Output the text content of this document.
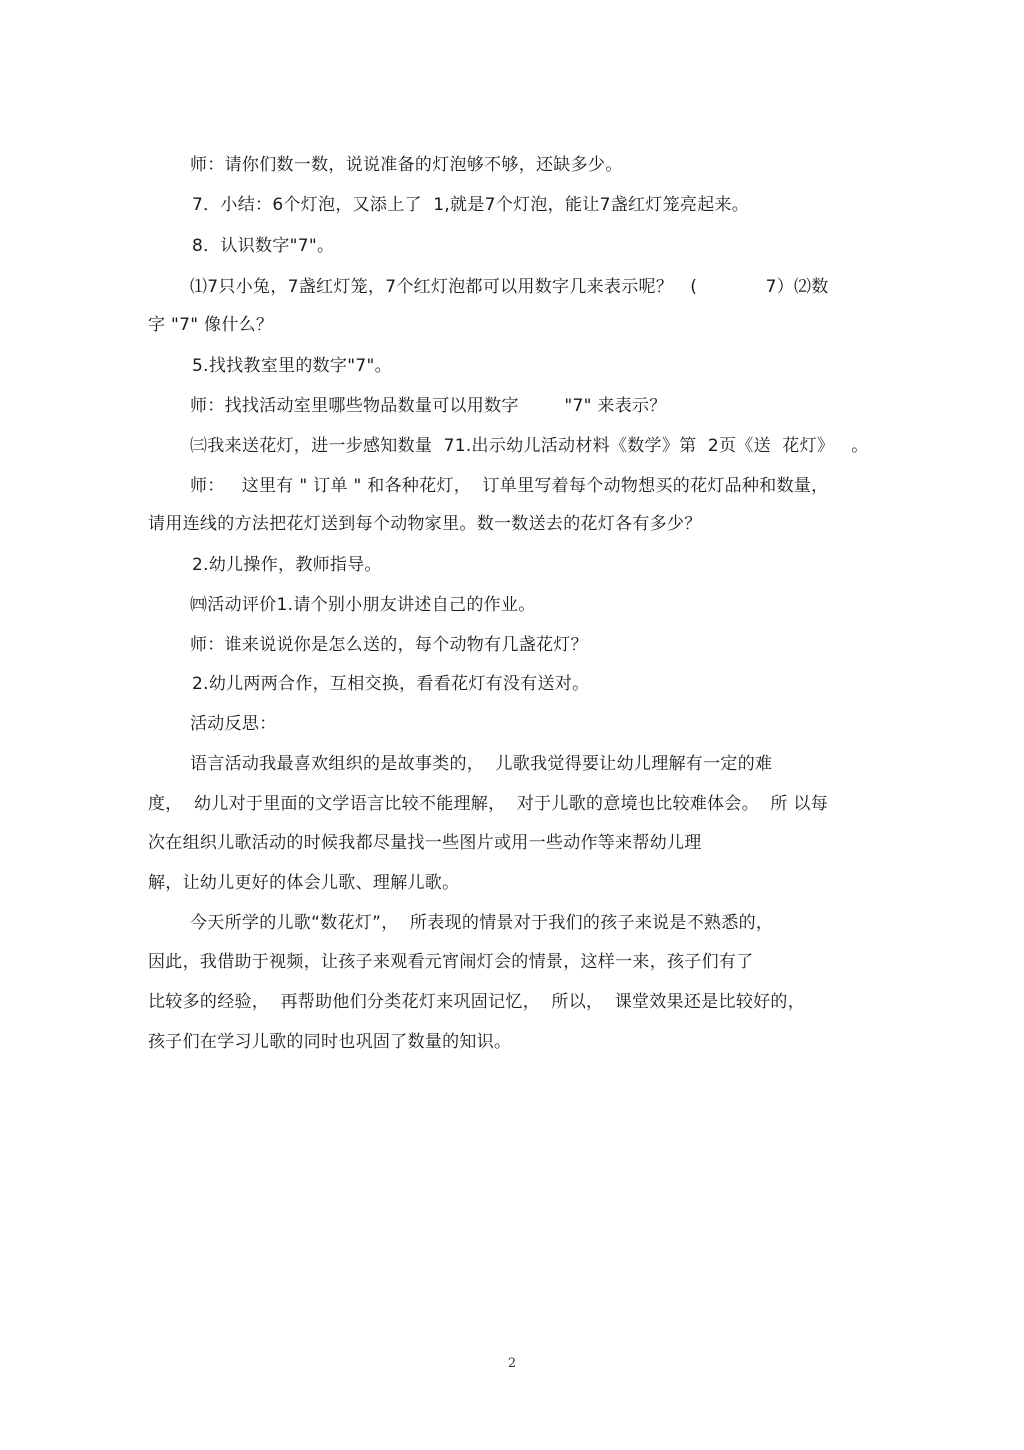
师：请你们数一数，说说准备的灯泡够不够，还缺多少。
7．小结：6个灯泡，又添上了  1,就是7个灯泡，能让7盏红灯笼亮起来。
8．认识数字"7"。
⑴7只小兔，7盏红灯笼，7个红灯泡都可以用数字几来表示呢？   (            7）⑵数
字 "7" 像什么？
5.找找教室里的数字"7"。
师：找找活动室里哪些物品数量可以用数字        "7" 来表示？
㈢我来送花灯，进一步感知数量  71.出示幼儿活动材料《数学》第  2页《送  花灯》   。
师：   这里有 " 订单 " 和各种花灯，  订单里写着每个动物想买的花灯品种和数量，
请用连线的方法把花灯送到每个动物家里。数一数送去的花灯各有多少？
2.幼儿操作，教师指导。
㈣活动评价1.请个别小朋友讲述自己的作业。
师：谁来说说你是怎么送的，每个动物有几盏花灯？
2.幼儿两两合作，互相交换，看看花灯有没有送对。
活动反思：
语言活动我最喜欢组织的是故事类的，  儿歌我觉得要让幼儿理解有一定的难
度，  幼儿对于里面的文学语言比较不能理解，  对于儿歌的意境也比较难体会。  所 以每
次在组织儿歌活动的时候我都尽量找一些图片或用一些动作等来帮幼儿理
解，让幼儿更好的体会儿歌、理解儿歌。
今天所学的儿歌“数花灯”，  所表现的情景对于我们的孩子来说是不熟悉的，
因此，我借助于视频，让孩子来观看元宵闹灯会的情景，这样一来，孩子们有了
比较多的经验，  再帮助他们分类花灯来巩固记忆，  所以，  课堂效果还是比较好的，
孩子们在学习儿歌的同时也巩固了数量的知识。
2
